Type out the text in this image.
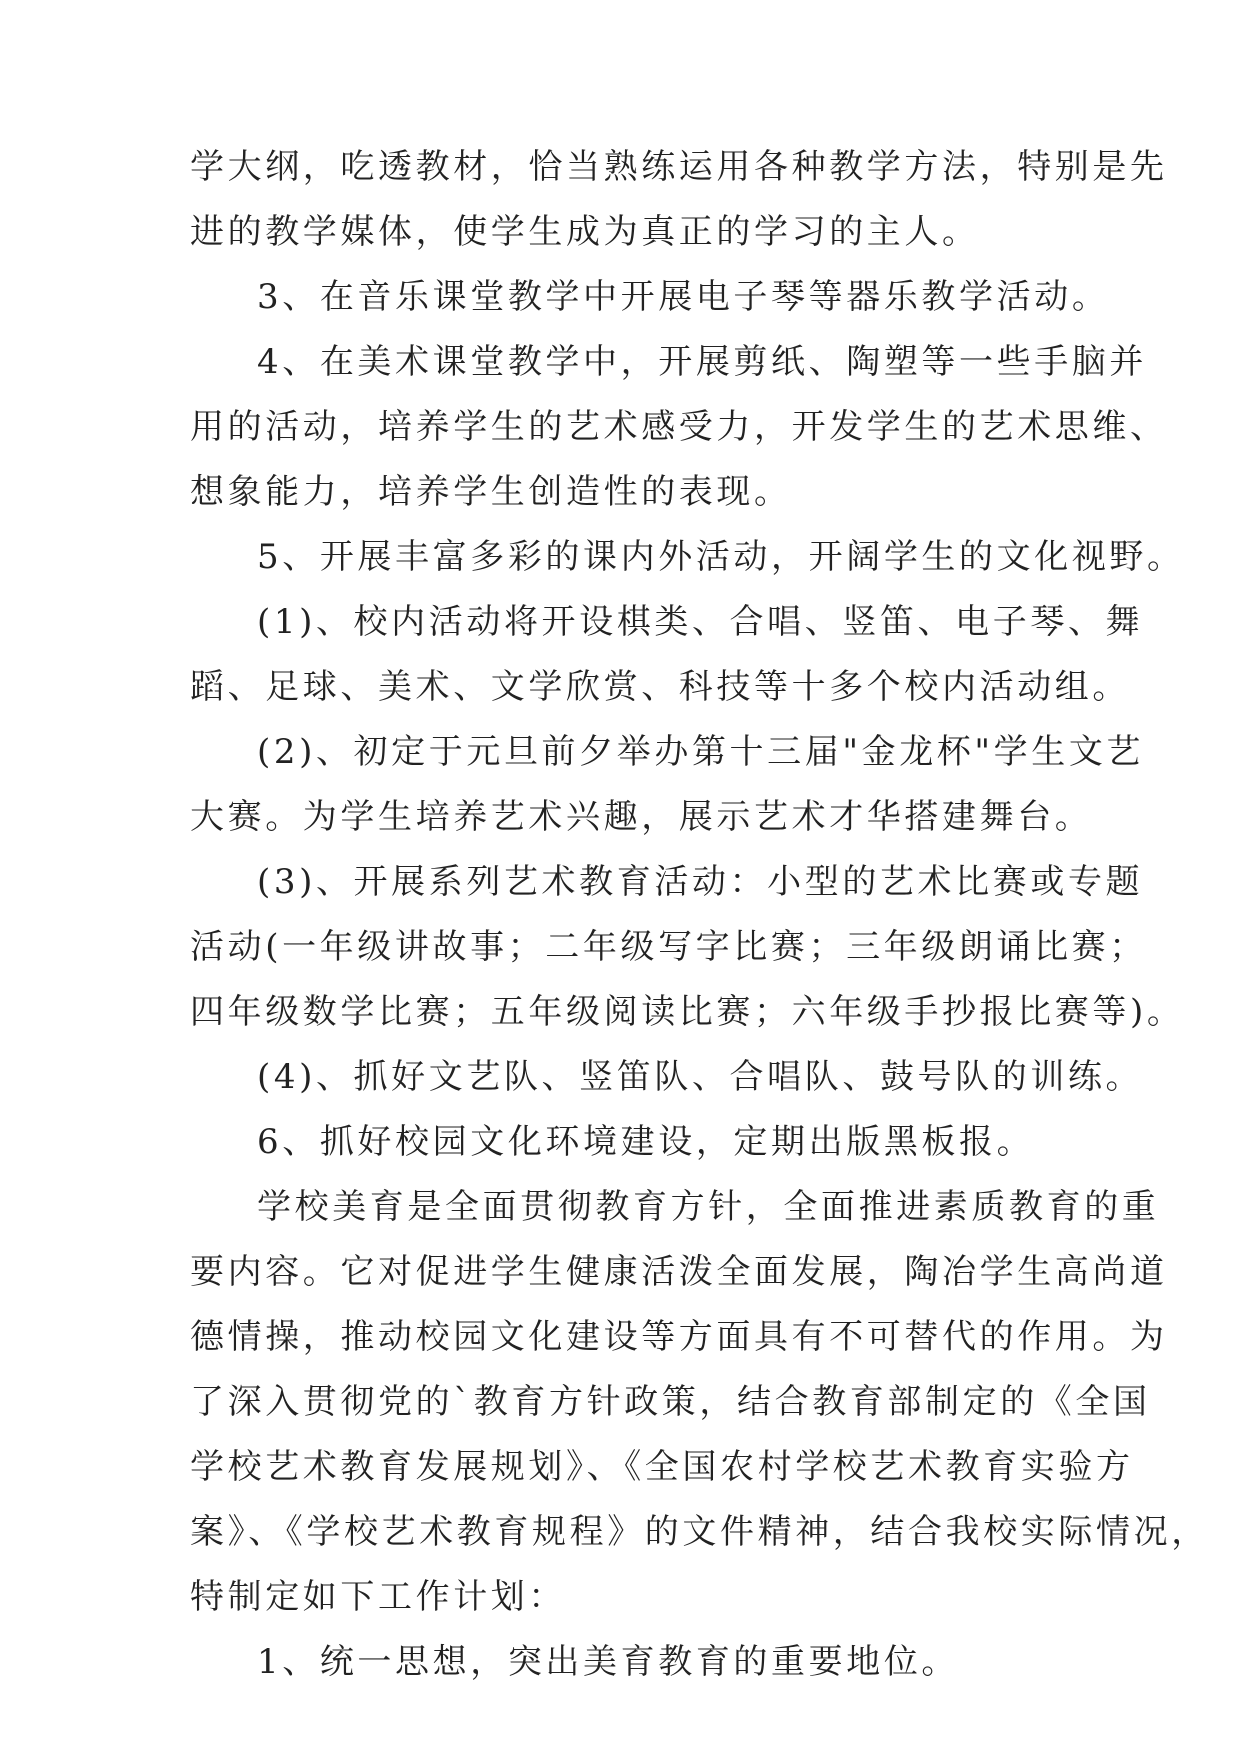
学大纲，吃透教材，恰当熟练运用各种教学方法，特别是先
进的教学媒体，使学生成为真正的学习的主人。
3、在音乐课堂教学中开展电子琴等器乐教学活动。
4、在美术课堂教学中，开展剪纸、陶塑等一些手脑并
用的活动，培养学生的艺术感受力，开发学生的艺术思维、
想象能力，培养学生创造性的表现。
5、开展丰富多彩的课内外活动，开阔学生的文化视野。
(1)、校内活动将开设棋类、合唱、竖笛、电子琴、舞
蹈、足球、美术、文学欣赏、科技等十多个校内活动组。
(2)、初定于元旦前夕举办第十三届"金龙杯"学生文艺
大赛。为学生培养艺术兴趣，展示艺术才华搭建舞台。
(3)、开展系列艺术教育活动：小型的艺术比赛或专题
活动(一年级讲故事；二年级写字比赛；三年级朗诵比赛；
四年级数学比赛；五年级阅读比赛；六年级手抄报比赛等)。
(4)、抓好文艺队、竖笛队、合唱队、鼓号队的训练。
6、抓好校园文化环境建设，定期出版黑板报。
学校美育是全面贯彻教育方针，全面推进素质教育的重
要内容。它对促进学生健康活泼全面发展，陶冶学生高尚道
德情操，推动校园文化建设等方面具有不可替代的作用。为
了深入贯彻党的`教育方针政策，结合教育部制定的《全国
学校艺术教育发展规划》、《全国农村学校艺术教育实验方
案》、《学校艺术教育规程》的文件精神，结合我校实际情况，
特制定如下工作计划：
1、统一思想，突出美育教育的重要地位。
